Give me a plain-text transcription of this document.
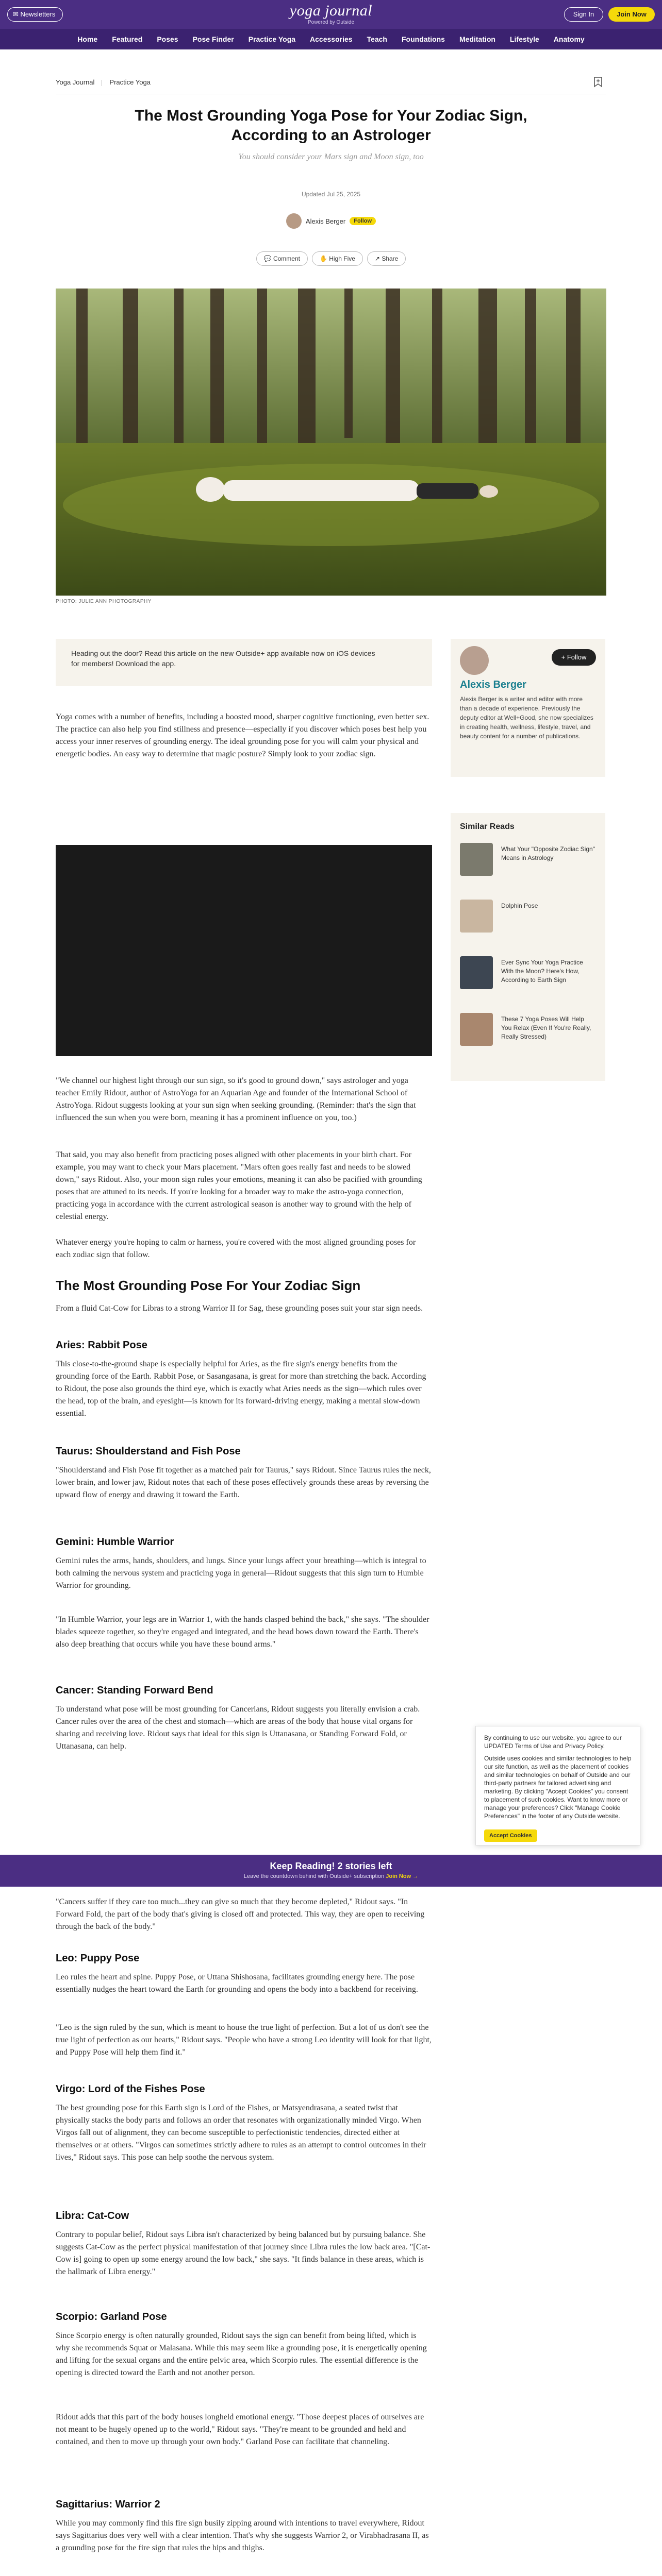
✉ Newsletters	yoga journal
Powered by Outside
Sign In	Join Now
Home Featured Poses Pose Finder Practice Yoga Accessories Teach Foundations Meditation Lifestyle Anatomy
Yoga Journal Practice Yoga
The Most Grounding Yoga Pose for Your Zodiac Sign, According to an Astrologer
You should consider your Mars sign and Moon sign, too
Updated Jul 25, 2025
Alexis Berger	Follow
💬 Comment	✋ High Five	↗ Share
PHOTO: JULIE ANN PHOTOGRAPHY

Heading out the door? Read this article on the new Outside+ app available now on iOS devices for members! Download the app.

+ Follow
Alexis Berger

Alexis Berger is a writer and editor with more than a decade of experience. Previously the deputy editor at Well+Good, she now specializes in creating health, wellness, lifestyle, travel, and beauty content for a number of publications.

Similar Reads

What Your "Opposite Zodiac Sign" Means in Astrology

Dolphin Pose

Ever Sync Your Yoga Practice With the Moon? Here's How, According to Earth Sign

These 7 Yoga Poses Will Help You Relax (Even If You're Really, Really Stressed)

Yoga comes with a number of benefits, including a boosted mood, sharper cognitive functioning, even better sex. The practice can also help you find stillness and presence—especially if you discover which poses best help you access your inner reserves of grounding energy. The ideal grounding pose for you will calm your physical and energetic bodies. An easy way to determine that magic posture? Simply look to your zodiac sign.

"We channel our highest light through our sun sign, so it's good to ground down," says astrologer and yoga teacher Emily Ridout, author of AstroYoga for an Aquarian Age and founder of the International School of AstroYoga. Ridout suggests looking at your sun sign when seeking grounding. (Reminder: that's the sign that influenced the sun when you were born, meaning it has a prominent influence on you, too.)

That said, you may also benefit from practicing poses aligned with other placements in your birth chart. For example, you may want to check your Mars placement. "Mars often goes really fast and needs to be slowed down," says Ridout. Also, your moon sign rules your emotions, meaning it can also be pacified with grounding poses that are attuned to its needs. If you're looking for a broader way to make the astro-yoga connection, practicing yoga in accordance with the current astrological season is another way to ground with the help of celestial energy.

Whatever energy you're hoping to calm or harness, you're covered with the most aligned grounding poses for each zodiac sign that follow.

The Most Grounding Pose For Your Zodiac Sign

From a fluid Cat-Cow for Libras to a strong Warrior II for Sag, these grounding poses suit your star sign needs.

Aries: Rabbit Pose

This close-to-the-ground shape is especially helpful for Aries, as the fire sign's energy benefits from the grounding force of the Earth. Rabbit Pose, or Sasangasana, is great for more than stretching the back. According to Ridout, the pose also grounds the third eye, which is exactly what Aries needs as the sign—which rules over the head, top of the brain, and eyesight—is known for its forward-driving energy, making a mental slow-down essential.

Taurus: Shoulderstand and Fish Pose

"Shoulderstand and Fish Pose fit together as a matched pair for Taurus," says Ridout. Since Taurus rules the neck, lower brain, and lower jaw, Ridout notes that each of these poses effectively grounds these areas by reversing the upward flow of energy and drawing it toward the Earth.

Gemini: Humble Warrior

Gemini rules the arms, hands, shoulders, and lungs. Since your lungs affect your breathing—which is integral to both calming the nervous system and practicing yoga in general—Ridout suggests that this sign turn to Humble Warrior for grounding.

"In Humble Warrior, your legs are in Warrior 1, with the hands clasped behind the back," she says. "The shoulder blades squeeze together, so they're engaged and integrated, and the head bows down toward the Earth. There's also deep breathing that occurs while you have these bound arms."

Cancer: Standing Forward Bend

To understand what pose will be most grounding for Cancerians, Ridout suggests you literally envision a crab. Cancer rules over the area of the chest and stomach—which are areas of the body that house vital organs for sharing and receiving love. Ridout says that ideal for this sign is Uttanasana, or Standing Forward Fold, or Uttanasana, can help.

"Cancers suffer if they care too much...they can give so much that they become depleted," Ridout says. "In Forward Fold, the part of the body that's giving is closed off and protected. This way, they are open to receiving through the back of the body."

Leo: Puppy Pose

Leo rules the heart and spine. Puppy Pose, or Uttana Shishosana, facilitates grounding energy here. The pose essentially nudges the heart toward the Earth for grounding and opens the body into a backbend for receiving.

"Leo is the sign ruled by the sun, which is meant to house the true light of perfection. But a lot of us don't see the true light of perfection as our hearts," Ridout says. "People who have a strong Leo identity will look for that light, and Puppy Pose will help them find it."

Virgo: Lord of the Fishes Pose

The best grounding pose for this Earth sign is Lord of the Fishes, or Matsyendrasana, a seated twist that physically stacks the body parts and follows an order that resonates with organizationally minded Virgo. When Virgos fall out of alignment, they can become susceptible to perfectionistic tendencies, directed either at themselves or at others. "Virgos can sometimes strictly adhere to rules as an attempt to control outcomes in their lives," Ridout says. This pose can help soothe the nervous system.

Libra: Cat-Cow

Contrary to popular belief, Ridout says Libra isn't characterized by being balanced but by pursuing balance. She suggests Cat-Cow as the perfect physical manifestation of that journey since Libra rules the low back area. "[Cat-Cow is] going to open up some energy around the low back," she says. "It finds balance in these areas, which is the hallmark of Libra energy."

Scorpio: Garland Pose

Since Scorpio energy is often naturally grounded, Ridout says the sign can benefit from being lifted, which is why she recommends Squat or Malasana. While this may seem like a grounding pose, it is energetically opening and lifting for the sexual organs and the entire pelvic area, which Scorpio rules. The essential difference is the opening is directed toward the Earth and not another person.

Ridout adds that this part of the body houses longheld emotional energy. "Those deepest places of ourselves are not meant to be hugely opened up to the world," Ridout says. "They're meant to be grounded and held and contained, and then to move up through your own body." Garland Pose can facilitate that channeling.

Sagittarius: Warrior 2

While you may commonly find this fire sign busily zipping around with intentions to travel everywhere, Ridout says Sagittarius does very well with a clear intention. That's why she suggests Warrior 2, or Virabhadrasana II, as a grounding pose for the fire sign that rules the hips and thighs.

By continuing to use our website, you agree to our UPDATED Terms of Use and Privacy Policy.

Outside uses cookies and similar technologies to help our site function, as well as the placement of cookies and similar technologies on behalf of Outside and our third-party partners for tailored advertising and marketing. By clicking "Accept Cookies" you consent to placement of such cookies. Want to know more or manage your preferences? Click "Manage Cookie Preferences" in the footer of any Outside website.

Accept Cookies
Keep Reading! 2 stories left
Leave the countdown behind with Outside+ subscription Join Now →
